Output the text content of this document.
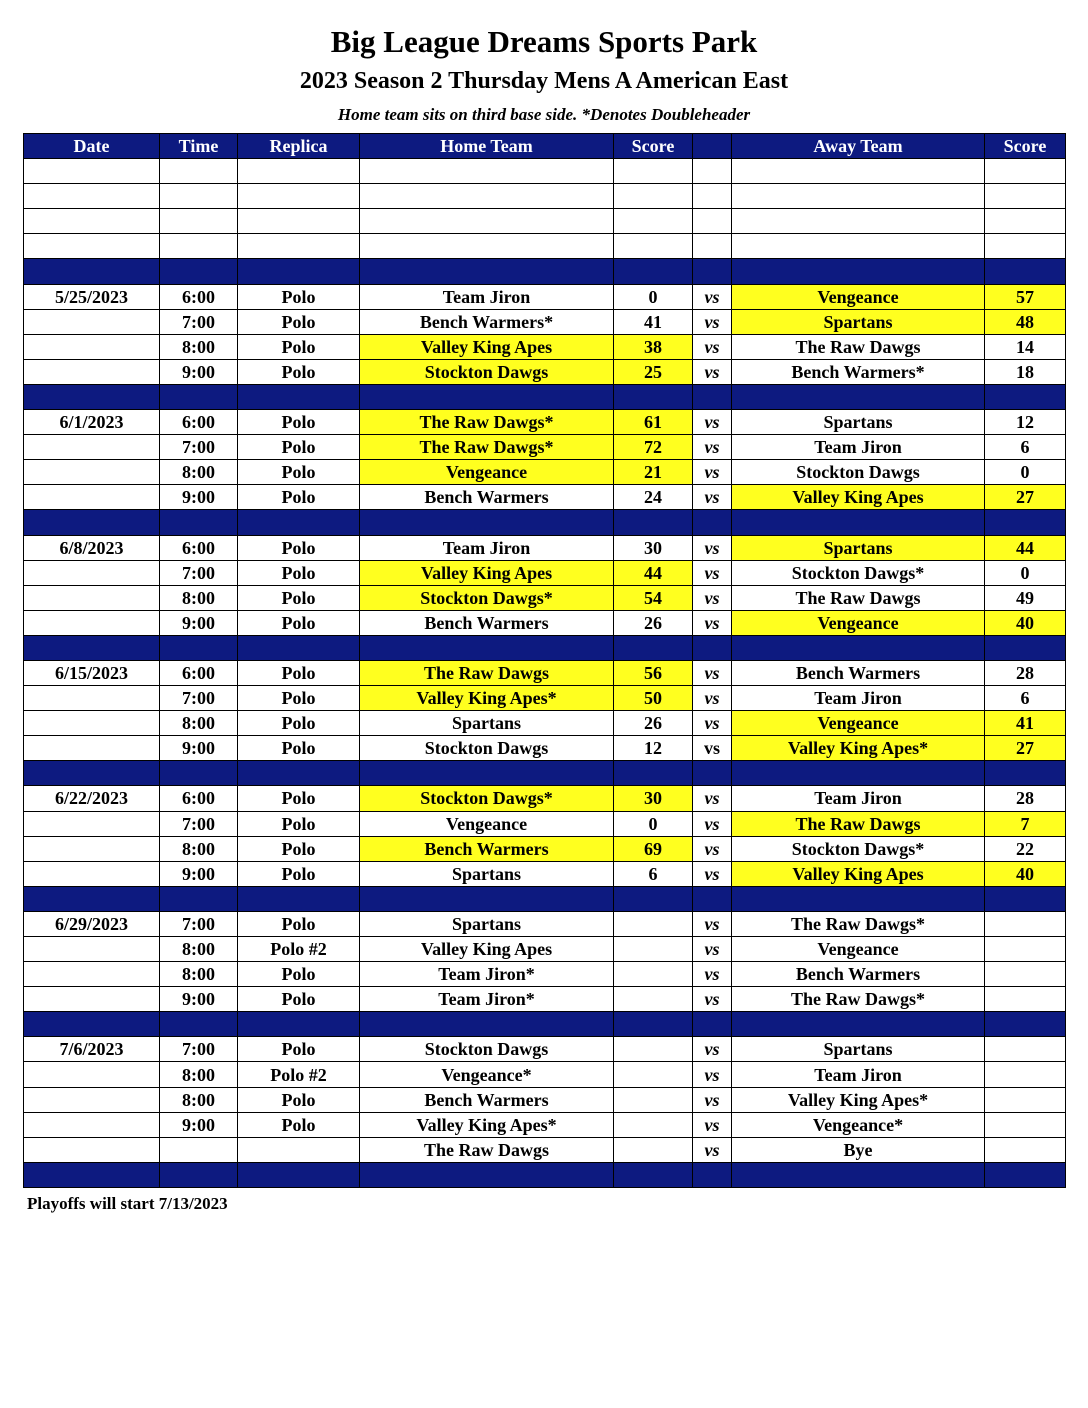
Big League Dreams Sports Park
2023 Season 2 Thursday Mens A American East
Home team sits on third base side. *Denotes Doubleheader
Date	Time	Replica	Home Team	Score		Away Team	Score

5/25/2023	6:00	Polo	Team Jiron	0	vs	Vengeance	57
	7:00	Polo	Bench Warmers*	41	vs	Spartans	48
	8:00	Polo	Valley King Apes	38	vs	The Raw Dawgs	14
	9:00	Polo	Stockton Dawgs	25	vs	Bench Warmers*	18

6/1/2023	6:00	Polo	The Raw Dawgs*	61	vs	Spartans	12
	7:00	Polo	The Raw Dawgs*	72	vs	Team Jiron	6
	8:00	Polo	Vengeance	21	vs	Stockton Dawgs	0
	9:00	Polo	Bench Warmers	24	vs	Valley King Apes	27

6/8/2023	6:00	Polo	Team Jiron	30	vs	Spartans	44
	7:00	Polo	Valley King Apes	44	vs	Stockton Dawgs*	0
	8:00	Polo	Stockton Dawgs*	54	vs	The Raw Dawgs	49
	9:00	Polo	Bench Warmers	26	vs	Vengeance	40

6/15/2023	6:00	Polo	The Raw Dawgs	56	vs	Bench Warmers	28
	7:00	Polo	Valley King Apes*	50	vs	Team Jiron	6
	8:00	Polo	Spartans	26	vs	Vengeance	41
	9:00	Polo	Stockton Dawgs	12	vs	Valley King Apes*	27

6/22/2023	6:00	Polo	Stockton Dawgs*	30	vs	Team Jiron	28
	7:00	Polo	Vengeance	0	vs	The Raw Dawgs	7
	8:00	Polo	Bench Warmers	69	vs	Stockton Dawgs*	22
	9:00	Polo	Spartans	6	vs	Valley King Apes	40

6/29/2023	7:00	Polo	Spartans		vs	The Raw Dawgs*	
	8:00	Polo #2	Valley King Apes		vs	Vengeance	
	8:00	Polo	Team Jiron*		vs	Bench Warmers	
	9:00	Polo	Team Jiron*		vs	The Raw Dawgs*	

7/6/2023	7:00	Polo	Stockton Dawgs		vs	Spartans	
	8:00	Polo #2	Vengeance*		vs	Team Jiron	
	8:00	Polo	Bench Warmers		vs	Valley King Apes*	
	9:00	Polo	Valley King Apes*		vs	Vengeance*	
			The Raw Dawgs		vs	Bye	

Playoffs will start 7/13/2023
